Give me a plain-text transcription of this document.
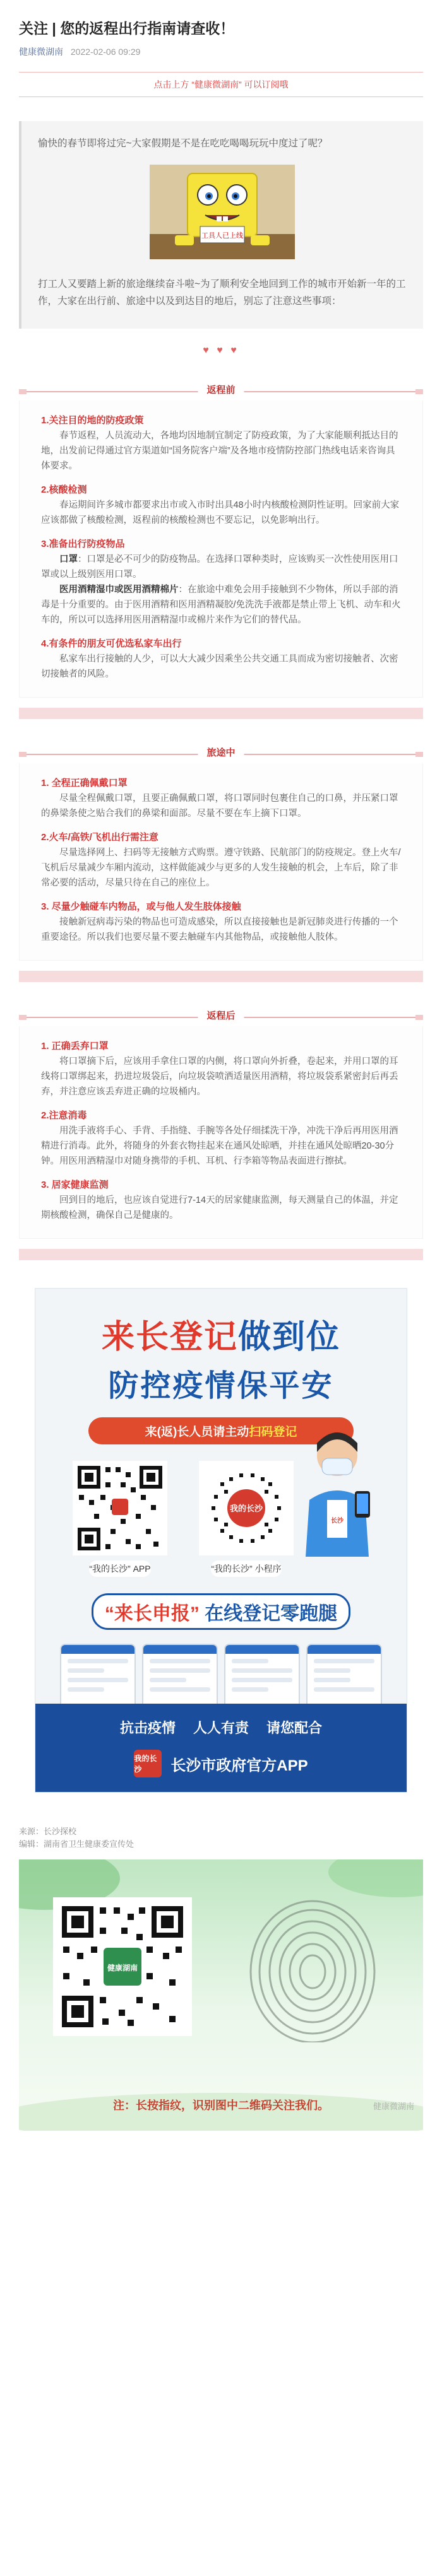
关注 | 您的返程出行指南请查收！
健康微湖南 2022-02-06 09:29
点击上方 “健康微湖南” 可以订阅哦

愉快的春节即将过完~大家假期是不是在吃吃喝喝玩玩中度过了呢？

工具人已上线

打工人又要踏上新的旅途继续奋斗啦~为了顺利安全地回到工作的城市开始新一年的工作，大家在出行前、旅途中以及到达目的地后，别忘了注意这些事项：

♥ ♥ ♥
返程前
1.关注目的地的防疫政策

春节返程，人员流动大，各地均因地制宜制定了防疫政策，为了大家能顺利抵达目的地，出发前记得通过官方渠道如“国务院客户端”及各地市疫情防控部门热线电话来咨询具体要求。

2.核酸检测

春运期间许多城市都要求出市或入市时出具48小时内核酸检测阴性证明。回家前大家应该都做了核酸检测，返程前的核酸检测也不要忘记，以免影响出行。

3.准备出行防疫物品

口罩：口罩是必不可少的防疫物品。在选择口罩种类时，应该购买一次性使用医用口罩或以上级别医用口罩。

医用酒精湿巾或医用酒精棉片：在旅途中难免会用手接触到不少物体，所以手部的消毒是十分重要的。由于医用酒精和医用酒精凝胶/免洗洗手液都是禁止带上飞机、动车和火车的，所以可以选择用医用酒精湿巾或棉片来作为它们的替代品。

4.有条件的朋友可优选私家车出行

私家车出行接触的人少，可以大大减少因乘坐公共交通工具而成为密切接触者、次密切接触者的风险。

旅途中
1. 全程正确佩戴口罩

尽量全程佩戴口罩，且要正确佩戴口罩，将口罩同时包裹住自己的口鼻，并压紧口罩的鼻梁条使之贴合我们的鼻梁和面部。尽量不要在车上摘下口罩。

2.火车/高铁/飞机出行需注意

尽量选择网上、扫码等无接触方式购票。遵守铁路、民航部门的防疫规定。登上火车/飞机后尽量减少车厢内流动，这样做能减少与更多的人发生接触的机会，上车后，除了非常必要的活动，尽量只待在自己的座位上。

3. 尽量少触碰车内物品，或与他人发生肢体接触

接触新冠病毒污染的物品也可造成感染，所以直接接触也是新冠肺炎进行传播的一个重要途径。所以我们也要尽量不要去触碰车内其他物品，或接触他人肢体。

返程后
1. 正确丢弃口罩

将口罩摘下后，应该用手拿住口罩的内侧，将口罩向外折叠，卷起来，并用口罩的耳线将口罩绑起来，扔进垃圾袋后，向垃圾袋喷洒适量医用酒精，将垃圾袋系紧密封后再丢弃，并注意应该丢弃进正确的垃圾桶内。

2.注意消毒

用洗手液将手心、手背、手指缝、手腕等各处仔细揉洗干净，冲洗干净后再用医用酒精进行消毒。此外，将随身的外套衣物挂起来在通风处晾晒，并挂在通风处晾晒20-30分钟。用医用酒精湿巾对随身携带的手机、耳机、行李箱等物品表面进行擦拭。

3. 居家健康监测

回到目的地后，也应该自觉进行7-14天的居家健康监测，每天测量自己的体温，并定期核酸检测，确保自己是健康的。

来长登记做到位
防控疫情保平安
来(返)长人员请主动扫码登记
“我的长沙” APP
我的长沙
“我的长沙” 小程序
长沙
“来长申报” 在线登记零跑腿
抗击疫情 人人有责 请您配合
我的长沙	长沙市政府官方APP
来源：长沙探校
编辑：湖南省卫生健康委宣传处
健康湖南
注：长按指纹，识别图中二维码关注我们。	健康微湖南
